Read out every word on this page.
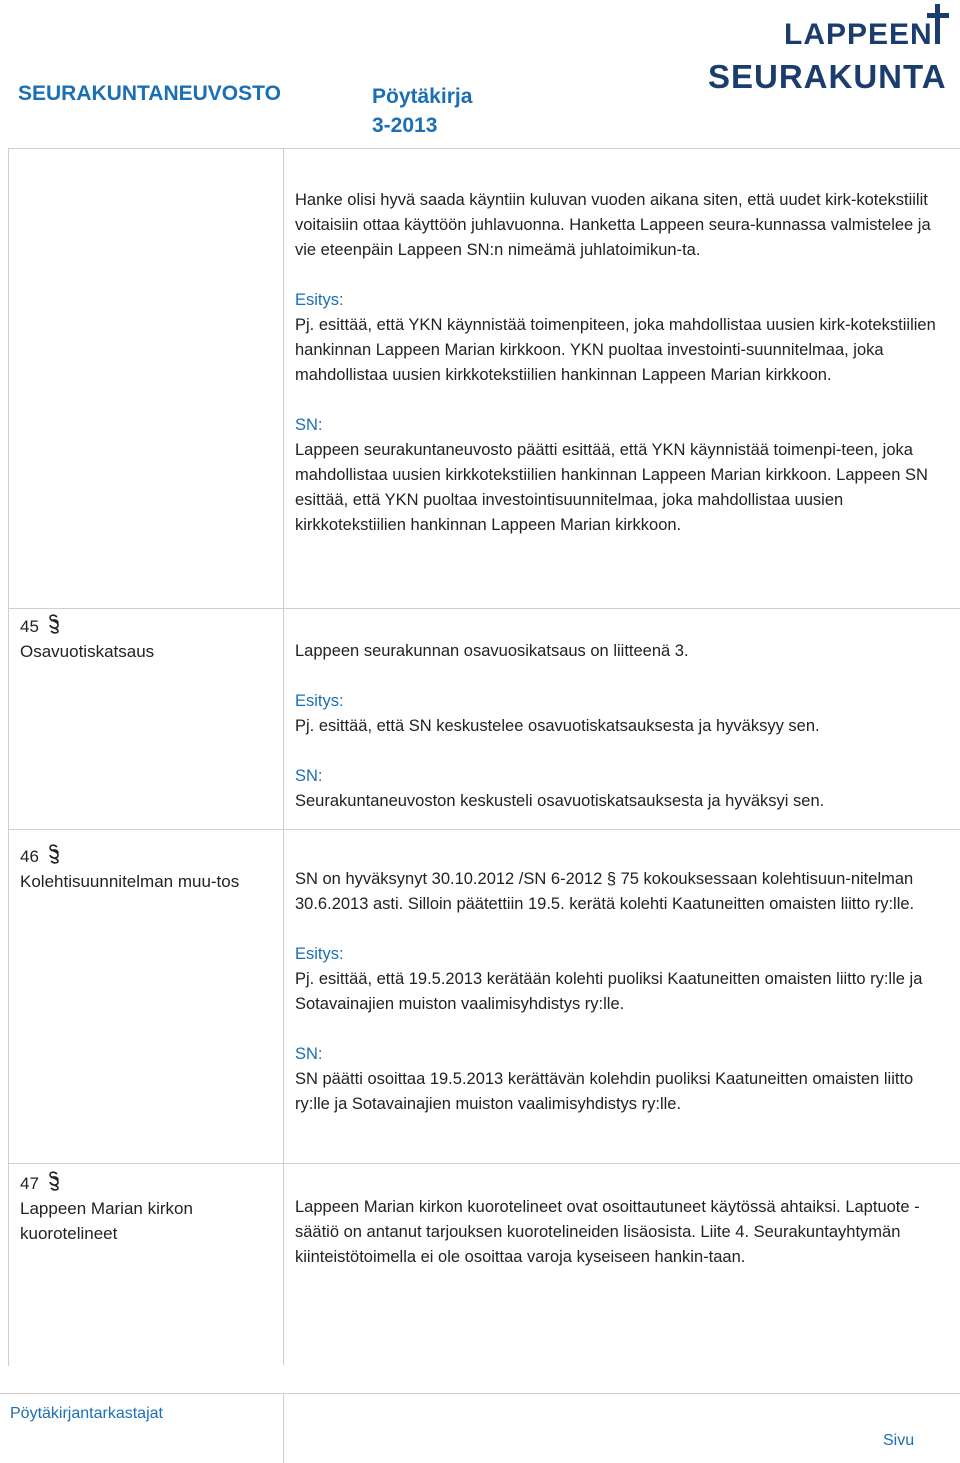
SEURAKUNTANEUVOSTO	Pöytäkirja
3-2013
LAPPEEN
SEURAKUNTA

Hanke olisi hyvä saada käyntiin kuluvan vuoden aikana siten, että uudet kirk-kotekstiilit voitaisiin ottaa käyttöön juhlavuonna. Hanketta Lappeen seura-kunnassa valmistelee ja vie eteenpäin Lappeen SN:n nimeämä juhlatoimikun-ta.

Esitys:

Pj. esittää, että YKN käynnistää toimenpiteen, joka mahdollistaa uusien kirk-kotekstiilien hankinnan Lappeen Marian kirkkoon. YKN puoltaa investointi-suunnitelmaa, joka mahdollistaa uusien kirkkotekstiilien hankinnan Lappeen Marian kirkkoon.

SN:

Lappeen seurakuntaneuvosto päätti esittää, että YKN käynnistää toimenpi-teen, joka mahdollistaa uusien kirkkotekstiilien hankinnan Lappeen Marian kirkkoon. Lappeen SN esittää, että YKN puoltaa investointisuunnitelmaa, joka mahdollistaa uusien kirkkotekstiilien hankinnan Lappeen Marian kirkkoon.

45
Osavuotiskatsaus	Lappeen seurakunnan osavuosikatsaus on liitteenä 3.

Esitys:

Pj. esittää, että SN keskustelee osavuotiskatsauksesta ja hyväksyy sen.

SN:

Seurakuntaneuvoston keskusteli osavuotiskatsauksesta ja hyväksyi sen.

46
Kolehtisuunnitelman muu-tos	SN on hyväksynyt 30.10.2012 /SN 6-2012 § 75 kokouksessaan kolehtisuun-nitelman 30.6.2013 asti. Silloin päätettiin 19.5. kerätä kolehti Kaatuneitten omaisten liitto ry:lle.

Esitys:

Pj. esittää, että 19.5.2013 kerätään kolehti puoliksi Kaatuneitten omaisten liitto ry:lle ja Sotavainajien muiston vaalimisyhdistys ry:lle.

SN:

SN päätti osoittaa 19.5.2013 kerättävän kolehdin puoliksi Kaatuneitten omaisten liitto ry:lle ja Sotavainajien muiston vaalimisyhdistys ry:lle.

47
Lappeen Marian kirkon kuorotelineet

Lappeen Marian kirkon kuorotelineet ovat osoittautuneet käytössä ahtaiksi. Laptuote -säätiö on antanut tarjouksen kuorotelineiden lisäosista. Liite 4. Seurakuntayhtymän kiinteistötoimella ei ole osoittaa varoja kyseiseen hankin-taan.

Pöytäkirjantarkastajat
Sivu
